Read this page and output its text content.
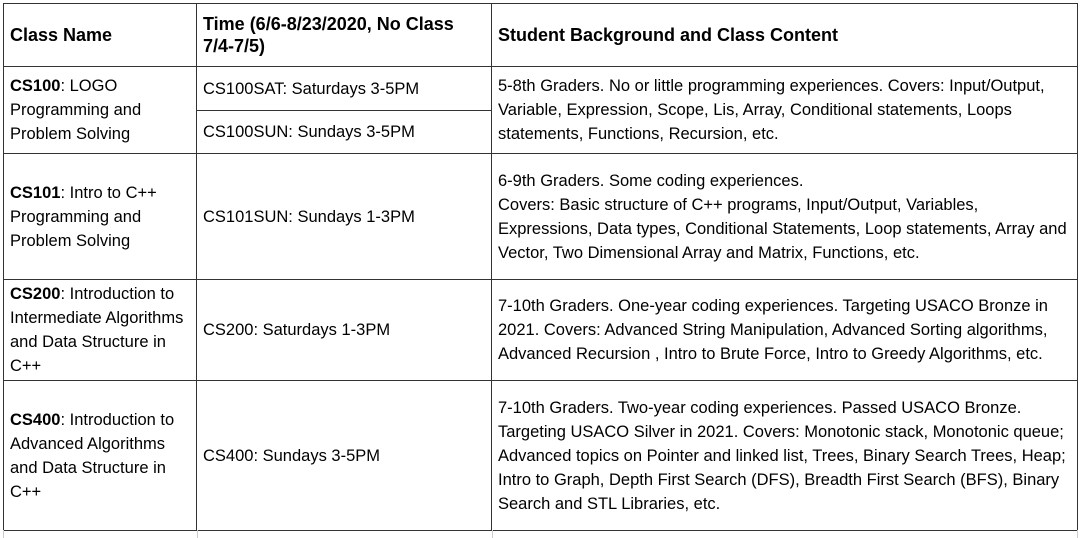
Class Name	Time (6/6-8/23/2020, No Class 7/4-7/5)	Student Background and Class Content
CS100: LOGO Programming and Problem Solving	CS100SAT: Saturdays 3-5PM	5-8th Graders. No or little programming experiences. Covers: Input/Output, Variable, Expression, Scope, Lis, Array, Conditional statements, Loops statements, Functions, Recursion, etc.
	CS100SUN: Sundays 3-5PM	
CS101: Intro to C++ Programming and Problem Solving	CS101SUN: Sundays 1-3PM	6-9th Graders. Some coding experiences.
Covers: Basic structure of C++ programs, Input/Output, Variables, Expressions, Data types, Conditional Statements, Loop statements, Array and Vector, Two Dimensional Array and Matrix, Functions, etc.
CS200: Introduction to Intermediate Algorithms and Data Structure in C++	CS200: Saturdays 1-3PM	7-10th Graders. One-year coding experiences. Targeting USACO Bronze in 2021. Covers: Advanced String Manipulation, Advanced Sorting algorithms, Advanced Recursion , Intro to Brute Force, Intro to Greedy Algorithms, etc.
CS400: Introduction to Advanced Algorithms and Data Structure in C++	CS400: Sundays 3-5PM	7-10th Graders. Two-year coding experiences. Passed USACO Bronze. Targeting USACO Silver in 2021. Covers: Monotonic stack, Monotonic queue; Advanced topics on Pointer and linked list, Trees, Binary Search Trees, Heap; Intro to Graph, Depth First Search (DFS), Breadth First Search (BFS), Binary Search and STL Libraries, etc.
